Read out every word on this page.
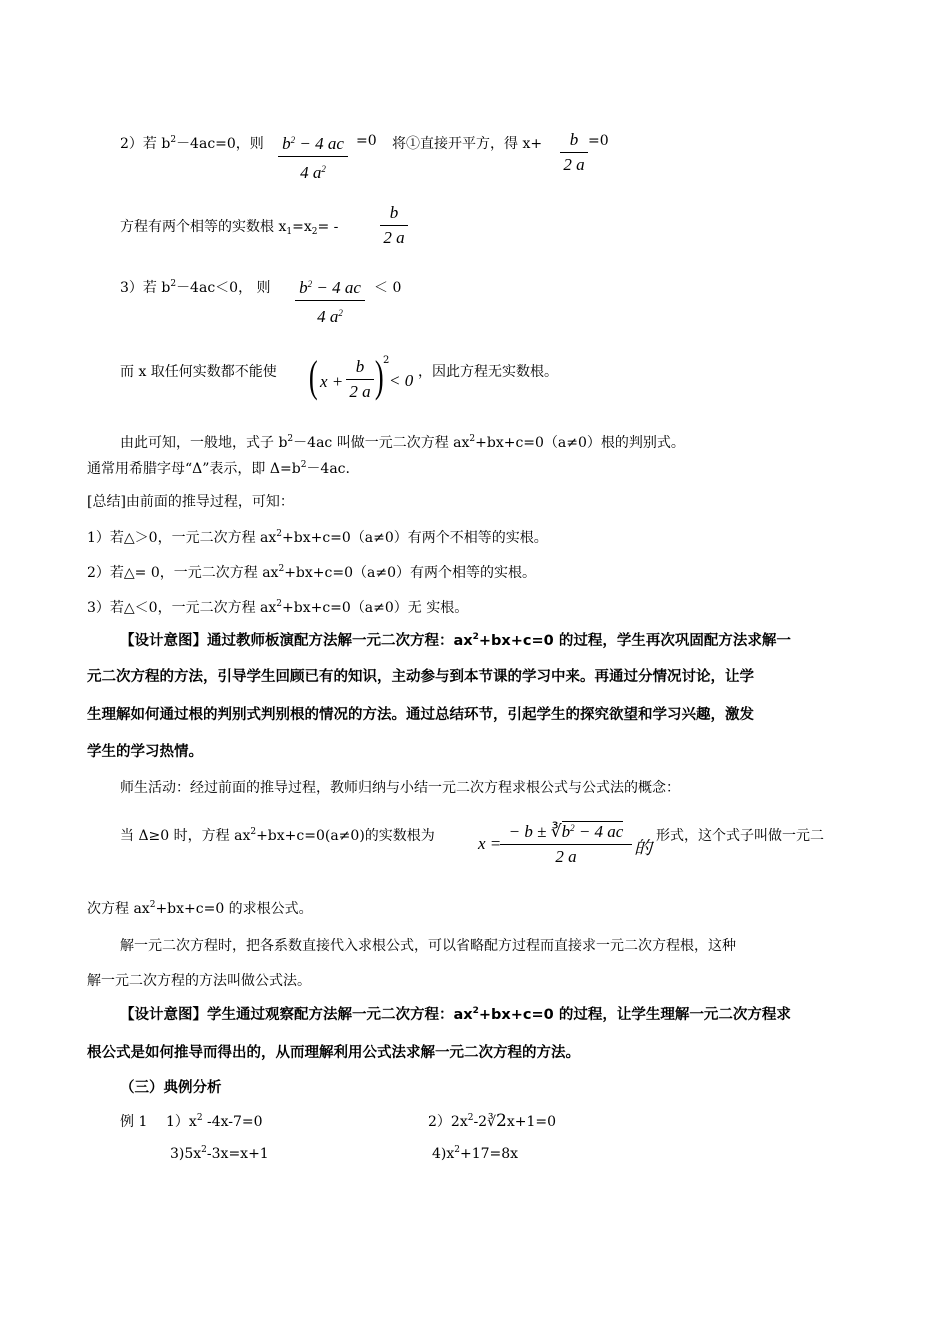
2）若 $b^2-4ac=0$，则 $b^2 - 4$ ac
4 $a^2$
=0 将①直接开平方，得 x+	b
2 a
=0
方程有两个相等的实数根 $x_1=x_2=$ -
b
2 a
3）若 $b^2-4ac<0$， 则 $b^2 - 4$ ac
4 $a^2$
＜ 0
而 x 取任何实数都不能使 ( x +
b
2 a ) 2
< 0 ，因此方程无实数根。
由此可知，一般地，式子 $b^2-4ac$ 叫做一元二次方程 $ax^2+bx+c=0(a\ne 0)$根的判别式。
通常用希腊字母“Δ”表示，即 $\Delta=b^2-4ac$.
[总结]由前面的推导过程，可知：
1）若△＞0，一元二次方程 $ax^2+bx+c=0(a\ne 0)$有两个不相等的实根。
2）若△= 0，一元二次方程 $ax^2+bx+c=0(a\ne 0)$有两个相等的实根。
3）若△＜0，一元二次方程 $ax^2+bx+c=0(a\ne 0)$无 实根。
【设计意图】通过教师板演配方法解一元二次方程：$ax^2+bx+c=0$ 的过程，学生再次巩固配方法求解一
元二次方程的方法，引导学生回顾已有的知识，主动参与到本节课的学习中来。再通过分情况讨论，让学
生理解如何通过根的判别式判别根的情况的方法。通过总结环节，引起学生的探究欲望和学习兴趣，激发
学生的学习热情。
师生活动：经过前面的推导过程，教师归纳与小结一元二次方程求根公式与公式法的概念：
当 Δ≥0 时，方程 $ax^2+bx+c=0(a\ne 0)$的实数根为	x =
− $b \pm ∛b^2 - 4$ ac
2 a	的
形式，这个式子叫做一元二
次方程 $ax^2+bx+c=0$ 的求根公式。
解一元二次方程时，把各系数直接代入求根公式，可以省略配方过程而直接求一元二次方程根，这种
解一元二次方程的方法叫做公式法。
【设计意图】学生通过观察配方法解一元二次方程：$ax^2+bx+c=0$ 的过程，让学生理解一元二次方程求
根公式是如何推导而得出的，从而理解利用公式法求解一元二次方程的方法。
（三）典例分析
例 1 $1)x^2$ -4x-7=0	$2)2x^2-2∛2x+1=0$
$3)5x^2-3x=x+1$	$4)x^2+17=8x$
